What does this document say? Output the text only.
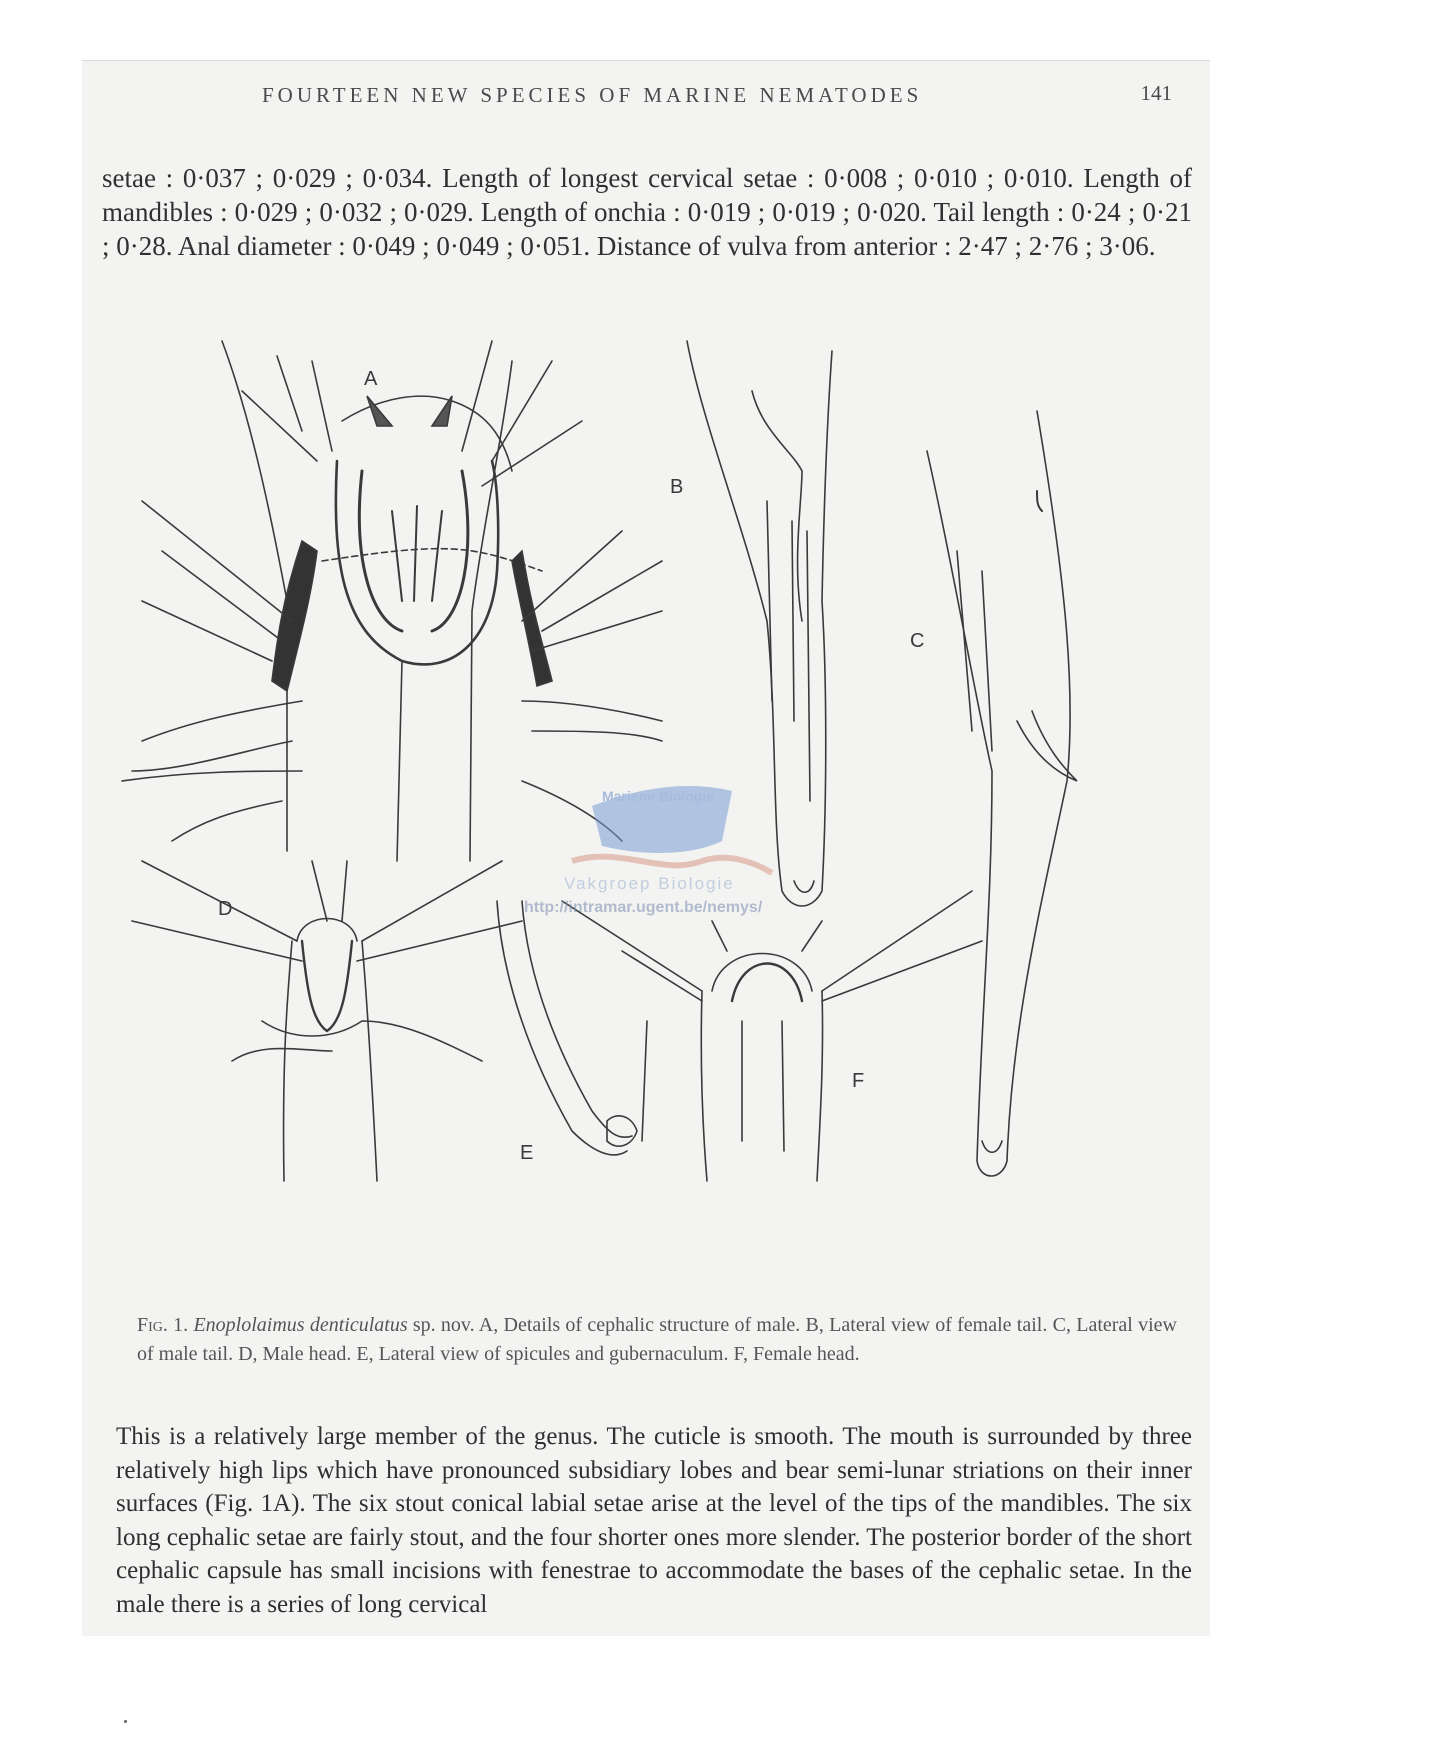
FOURTEEN NEW SPECIES OF MARINE NEMATODES	141

setae : 0·037 ; 0·029 ; 0·034. Length of longest cervical setae : 0·008 ; 0·010 ; 0·010. Length of mandibles : 0·029 ; 0·032 ; 0·029. Length of onchia : 0·019 ; 0·019 ; 0·020. Tail length : 0·24 ; 0·21 ; 0·28. Anal diameter : 0·049 ; 0·049 ; 0·051. Distance of vulva from anterior : 2·47 ; 2·76 ; 3·06.

A
B
C
D
E
F
Mariene Biologie
Vakgroep Biologie
http://intramar.ugent.be/nemys/

Fig. 1. Enoplolaimus denticulatus sp. nov. A, Details of cephalic structure of male. B, Lateral view of female tail. C, Lateral view of male tail. D, Male head. E, Lateral view of spicules and gubernaculum. F, Female head.

This is a relatively large member of the genus. The cuticle is smooth. The mouth is surrounded by three relatively high lips which have pronounced subsidiary lobes and bear semi-lunar striations on their inner surfaces (Fig. 1A). The six stout conical labial setae arise at the level of the tips of the mandibles. The six long cephalic setae are fairly stout, and the four shorter ones more slender. The posterior border of the short cephalic capsule has small incisions with fenestrae to accommodate the bases of the cephalic setae. In the male there is a series of long cervical
